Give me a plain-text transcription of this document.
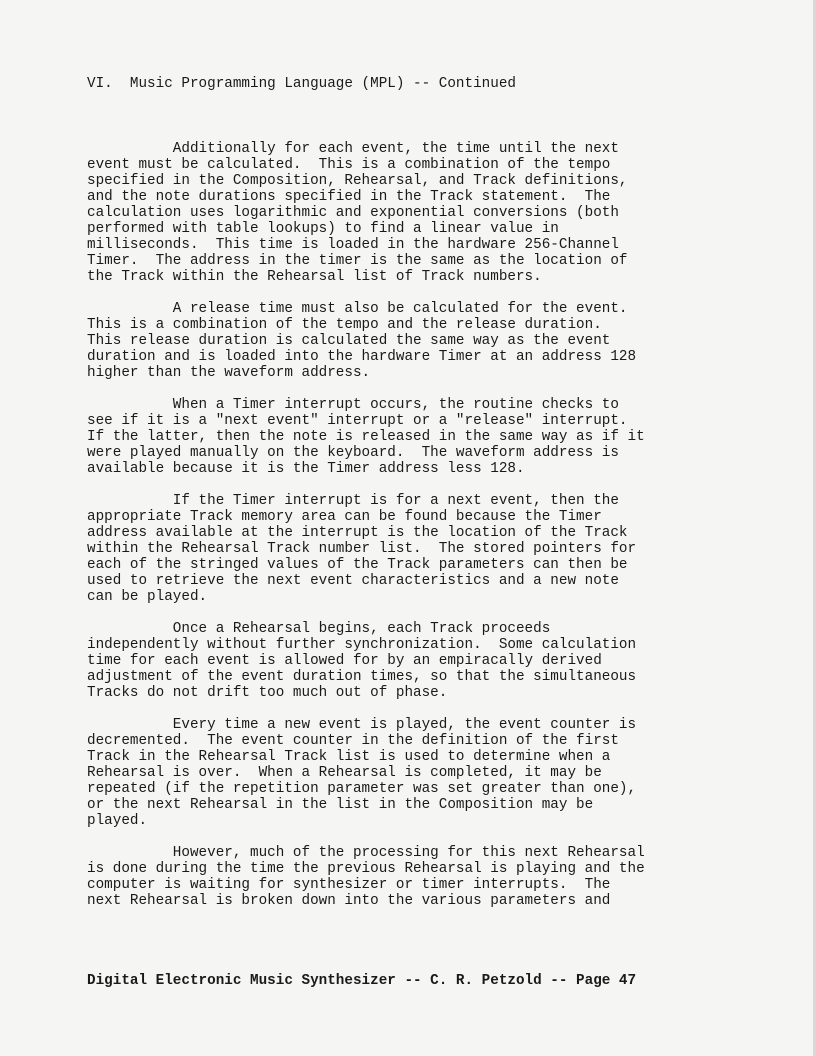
VI.  Music Programming Language (MPL) -- Continued
Additionally for each event, the time until the next
event must be calculated.  This is a combination of the tempo
specified in the Composition, Rehearsal, and Track definitions,
and the note durations specified in the Track statement.  The
calculation uses logarithmic and exponential conversions (both
performed with table lookups) to find a linear value in
milliseconds.  This time is loaded in the hardware 256-Channel
Timer.  The address in the timer is the same as the location of
the Track within the Rehearsal list of Track numbers.
A release time must also be calculated for the event.
This is a combination of the tempo and the release duration.
This release duration is calculated the same way as the event
duration and is loaded into the hardware Timer at an address 128
higher than the waveform address.
When a Timer interrupt occurs, the routine checks to
see if it is a "next event" interrupt or a "release" interrupt.
If the latter, then the note is released in the same way as if it
were played manually on the keyboard.  The waveform address is
available because it is the Timer address less 128.
If the Timer interrupt is for a next event, then the
appropriate Track memory area can be found because the Timer
address available at the interrupt is the location of the Track
within the Rehearsal Track number list.  The stored pointers for
each of the stringed values of the Track parameters can then be
used to retrieve the next event characteristics and a new note
can be played.
Once a Rehearsal begins, each Track proceeds
independently without further synchronization.  Some calculation
time for each event is allowed for by an empiracally derived
adjustment of the event duration times, so that the simultaneous
Tracks do not drift too much out of phase.
Every time a new event is played, the event counter is
decremented.  The event counter in the definition of the first
Track in the Rehearsal Track list is used to determine when a
Rehearsal is over.  When a Rehearsal is completed, it may be
repeated (if the repetition parameter was set greater than one),
or the next Rehearsal in the list in the Composition may be
played.
However, much of the processing for this next Rehearsal
is done during the time the previous Rehearsal is playing and the
computer is waiting for synthesizer or timer interrupts.  The
next Rehearsal is broken down into the various parameters and
Digital Electronic Music Synthesizer -- C. R. Petzold -- Page 47
